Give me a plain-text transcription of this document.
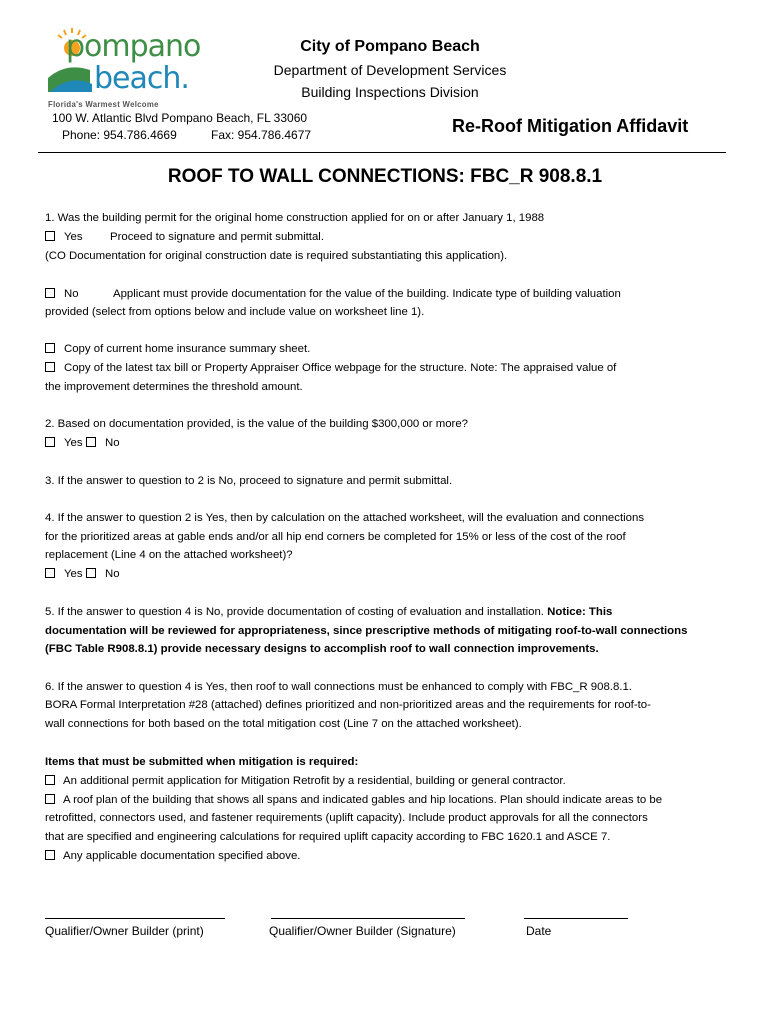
pompano
beach.
Florida's Warmest Welcome
City of Pompano Beach
Department of Development Services
Building Inspections Division
100 W. Atlantic Blvd Pompano Beach, FL 33060
Phone: 954.786.4669	Fax: 954.786.4677	Re-Roof Mitigation Affidavit
ROOF TO WALL CONNECTIONS: FBC_R 908.8.1
1. Was the building permit for the original home construction applied for on or after January 1, 1988
Yes Proceed to signature and permit submittal.
(CO Documentation for original construction date is required substantiating this application).
No	Applicant must provide documentation for the value of the building. Indicate type of building valuation
provided (select from options below and include value on worksheet line 1).
Copy of current home insurance summary sheet.
Copy of the latest tax bill or Property Appraiser Office webpage for the structure. Note: The appraised value of
the improvement determines the threshold amount.
2. Based on documentation provided, is the value of the building $300,000 or more?
Yes No
3. If the answer to question to 2 is No, proceed to signature and permit submittal.
4. If the answer to question 2 is Yes, then by calculation on the attached worksheet, will the evaluation and connections
for the prioritized areas at gable ends and/or all hip end corners be completed for 15% or less of the cost of the roof
replacement (Line 4 on the attached worksheet)?
Yes No
5. If the answer to question 4 is No, provide documentation of costing of evaluation and installation. Notice: This
documentation will be reviewed for appropriateness, since prescriptive methods of mitigating roof-to-wall connections
(FBC Table R908.8.1) provide necessary designs to accomplish roof to wall connection improvements.
6. If the answer to question 4 is Yes, then roof to wall connections must be enhanced to comply with FBC_R 908.8.1.
BORA Formal Interpretation #28 (attached) defines prioritized and non-prioritized areas and the requirements for roof-to-
wall connections for both based on the total mitigation cost (Line 7 on the attached worksheet).
Items that must be submitted when mitigation is required:
An additional permit application for Mitigation Retrofit by a residential, building or general contractor.
A roof plan of the building that shows all spans and indicated gables and hip locations. Plan should indicate areas to be
retrofitted, connectors used, and fastener requirements (uplift capacity). Include product approvals for all the connectors
that are specified and engineering calculations for required uplift capacity according to FBC 1620.1 and ASCE 7.
Any applicable documentation specified above.
Qualifier/Owner Builder (print)	Qualifier/Owner Builder (Signature)	Date
